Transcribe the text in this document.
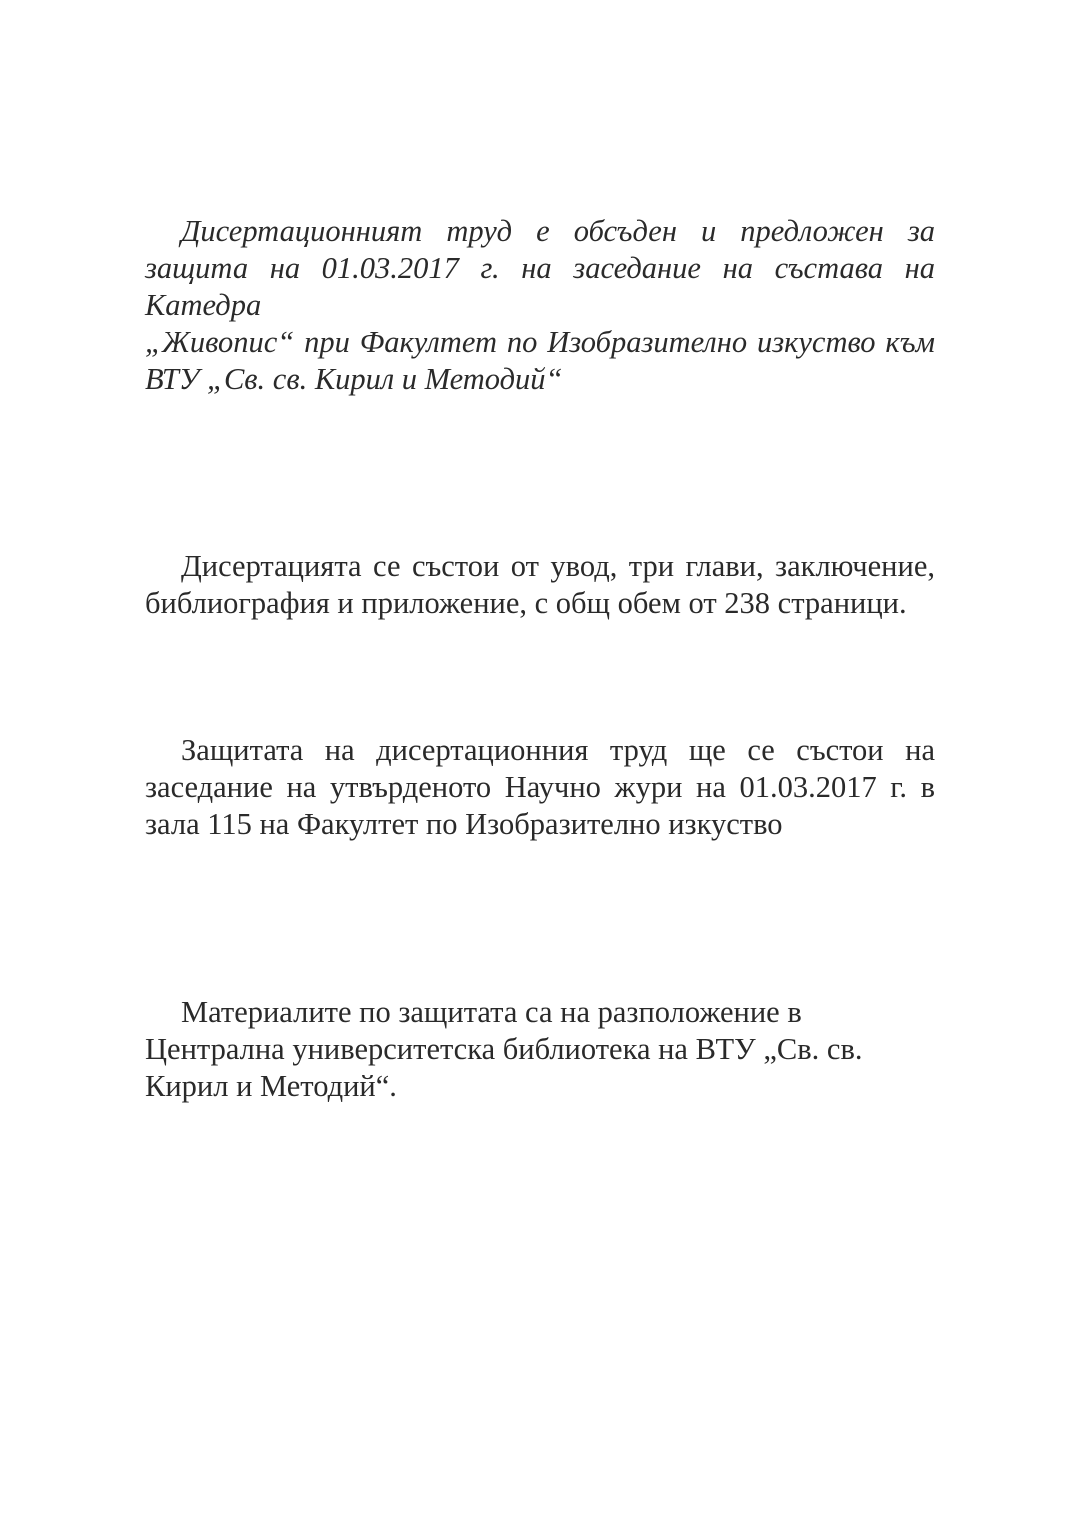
Дисертационният труд е обсъден и предложен за
защита на 01.03.2017 г. на заседание на състава на Катедра
„Живопис“ при Факултет по Изобразително изкуство към
ВТУ „Св. св. Кирил и Методий“
Дисертацията се състои от увод, три глави, заключение,
библиография и приложение, с общ обем от 238 страници.
Защитата на дисертационния труд ще се състои на
заседание на утвърденото Научно жури на 01.03.2017 г. в
зала 115 на Факултет по Изобразително изкуство
Материалите по защитата са на разположение в
Централна университетска библиотека на ВТУ „Св. св.
Кирил и Методий“.
